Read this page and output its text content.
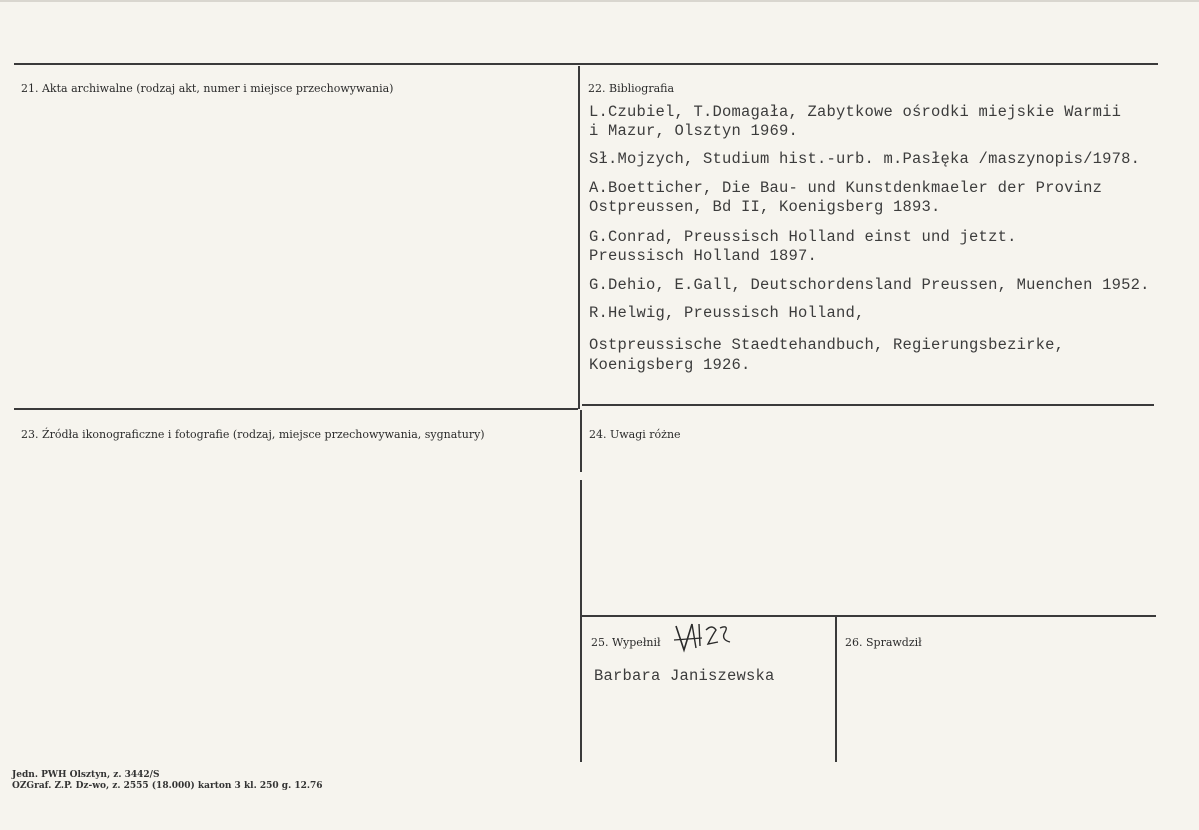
21. Akta archiwalne (rodzaj akt, numer i miejsce przechowywania)	22. Bibliografia
L.Czubiel, T.Domagała, Zabytkowe ośrodki miejskie Warmii
i Mazur, Olsztyn 1969.
Sł.Mojzych, Studium hist.-urb. m.Pasłęka /maszynopis/1978.
A.Boetticher, Die Bau- und Kunstdenkmaeler der Provinz
Ostpreussen, Bd II, Koenigsberg 1893.
G.Conrad, Preussisch Holland einst und jetzt.
Preussisch Holland 1897.
G.Dehio, E.Gall, Deutschordensland Preussen, Muenchen 1952.
R.Helwig, Preussisch Holland,
Ostpreussische Staedtehandbuch, Regierungsbezirke,
Koenigsberg 1926.
23. Źródła ikonograficzne i fotografie (rodzaj, miejsce przechowywania, sygnatury)	24. Uwagi różne
25. Wypełnił
Barbara Janiszewska
26. Sprawdził
Jedn. PWH Olsztyn, z. 3442/S
OZGraf. Z.P. Dz-wo, z. 2555 (18.000) karton 3 kl. 250 g. 12.76
